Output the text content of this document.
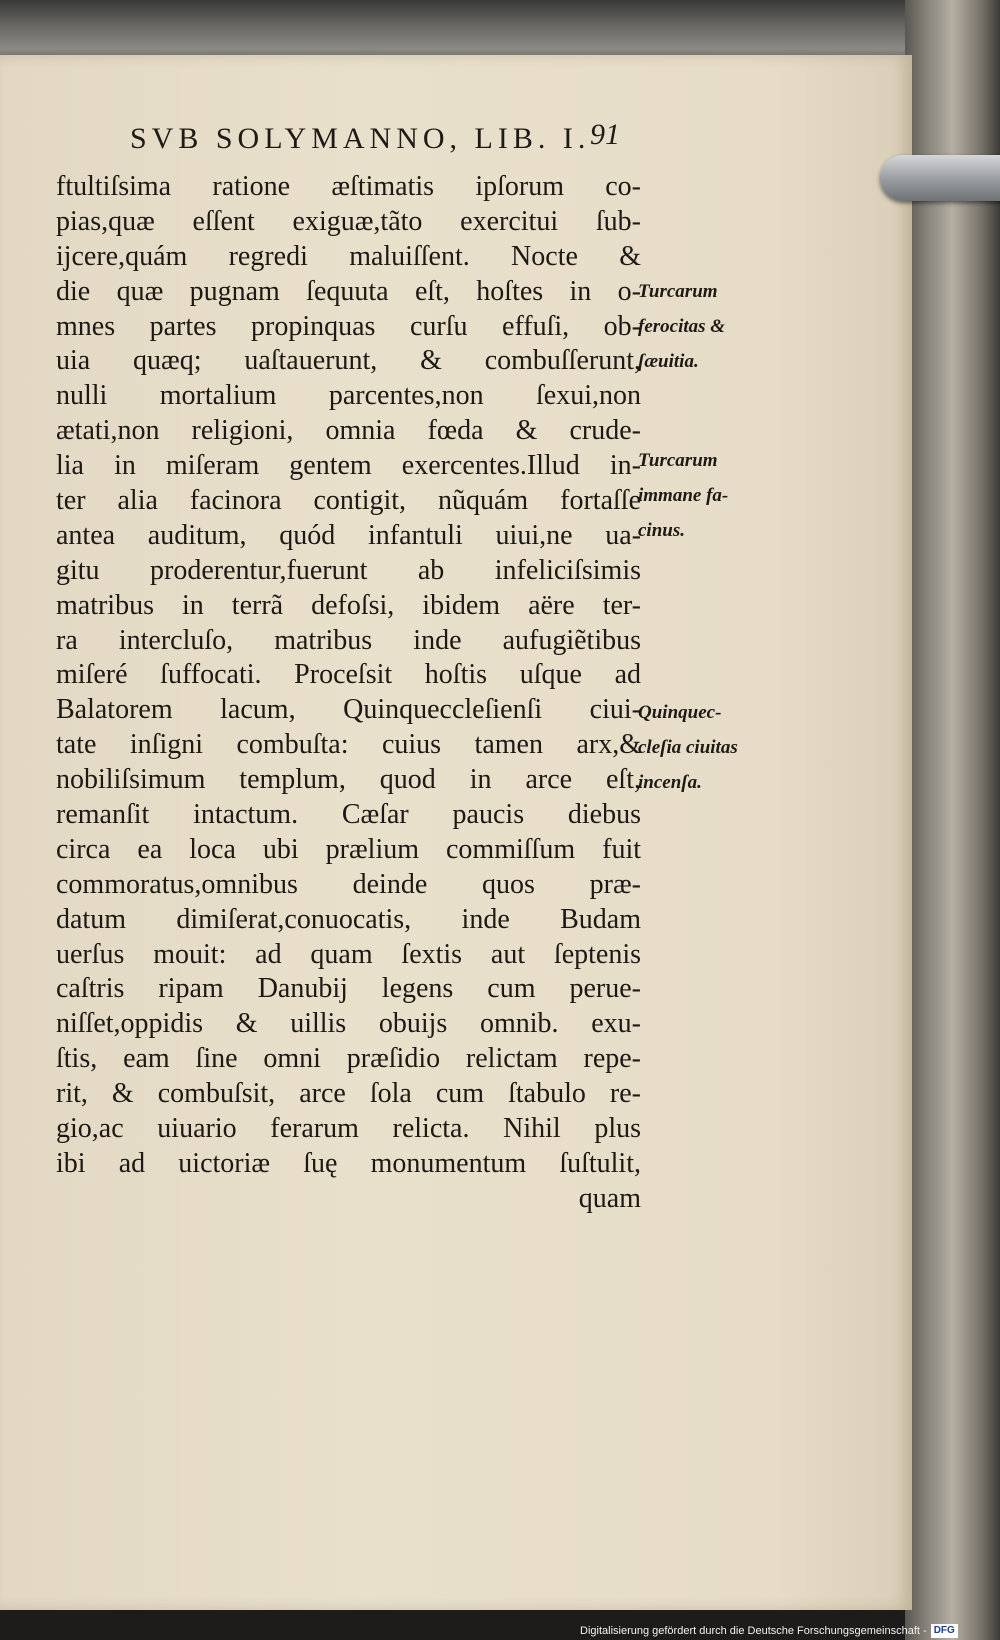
SVB SOLYMANNO, LIB. I. 91
ftultiſsima ratione æſtimatis ipſorum co-
pias,quæ eſſent exiguæ,tãto exercitui ſub-
ĳcere,quám regredi maluiſſent. Nocte &
die quæ pugnam ſequuta eſt, hoſtes in o-
mnes partes propinquas curſu effuſi, ob-
uia quæq; uaſtauerunt, & combuſſerunt,
nulli mortalium parcentes,non ſexui,non
ætati,non religioni, omnia fœda & crude-
lia in miſeram gentem exercentes.Illud in-
ter alia facinora contigit, nũquám fortaſſe
antea auditum, quód infantuli uiui,ne ua-
gitu proderentur,fuerunt ab infeliciſsimis
matribus in terrã defoſsi, ibidem aëre ter-
ra intercluſo, matribus inde aufugiẽtibus
miſeré ſuffocati. Proceſsit hoſtis uſque ad
Balatorem lacum, Quinqueccleſienſi ciui-
tate inſigni combuſta: cuius tamen arx,&
nobiliſsimum templum, quod in arce eſt,
remanſit intactum. Cæſar paucis diebus
circa ea loca ubi prælium commiſſum fuit
commoratus,omnibus deinde quos præ-
datum dimiſerat,conuocatis, inde Budam
uerſus mouit: ad quam ſextis aut ſeptenis
caſtris ripam Danubĳ legens cum perue-
niſſet,oppidis & uillis obuĳs omnib. exu-
ſtis, eam ſine omni præſidio relictam repe-
rit, & combuſsit, arce ſola cum ſtabulo re-
gio,ac uiuario ferarum relicta. Nihil plus
ibi ad uictoriæ ſuę monumentum ſuſtulit,
quam
Turcarum
ferocitas &
ſæuitia.
Turcarum
immane fa-
cinus.
Quinquec-
cleſia ciuitas
incenſa.
Digitalisierung gefördert durch die Deutsche Forschungsgemeinschaft - DFG
